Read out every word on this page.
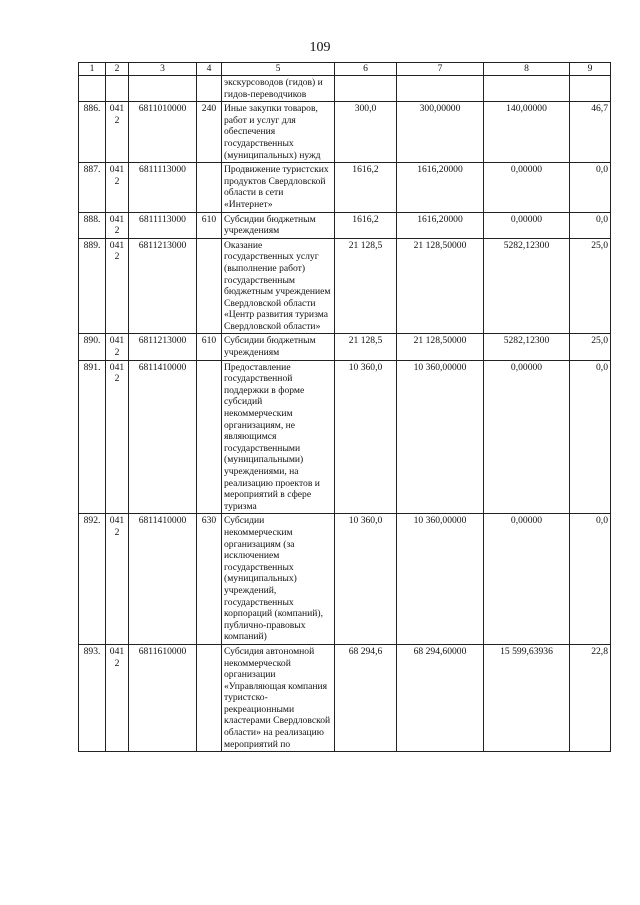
109
1	2	3	4	5	6	7	8	9
				экскурсоводов (гидов) и гидов-переводчиков				
886.	0412	6811010000	240	Иные закупки товаров, работ и услуг для обеспечения государственных (муниципальных) нужд	300,0	300,00000	140,00000	46,7
887.	0412	6811113000		Продвижение туристских продуктов Свердловской области в сети «Интернет»	1616,2	1616,20000	0,00000	0,0
888.	0412	6811113000	610	Субсидии бюджетным учреждениям	1616,2	1616,20000	0,00000	0,0
889.	0412	6811213000		Оказание государственных услуг (выполнение работ) государственным бюджетным учреждением Свердловской области «Центр развития туризма Свердловской области»	21 128,5	21 128,50000	5282,12300	25,0
890.	0412	6811213000	610	Субсидии бюджетным учреждениям	21 128,5	21 128,50000	5282,12300	25,0
891.	0412	6811410000		Предоставление государственной поддержки в форме субсидий некоммерческим организациям, не являющимся государственными (муниципальными) учреждениями, на реализацию проектов и мероприятий в сфере туризма	10 360,0	10 360,00000	0,00000	0,0
892.	0412	6811410000	630	Субсидии некоммерческим организациям (за исключением государственных (муниципальных) учреждений, государственных корпораций (компаний), публично-правовых компаний)	10 360,0	10 360,00000	0,00000	0,0
893.	0412	6811610000		Субсидия автономной некоммерческой организации «Управляющая компания туристско-рекреационными кластерами Свердловской области» на реализацию мероприятий по	68 294,6	68 294,60000	15 599,63936	22,8
